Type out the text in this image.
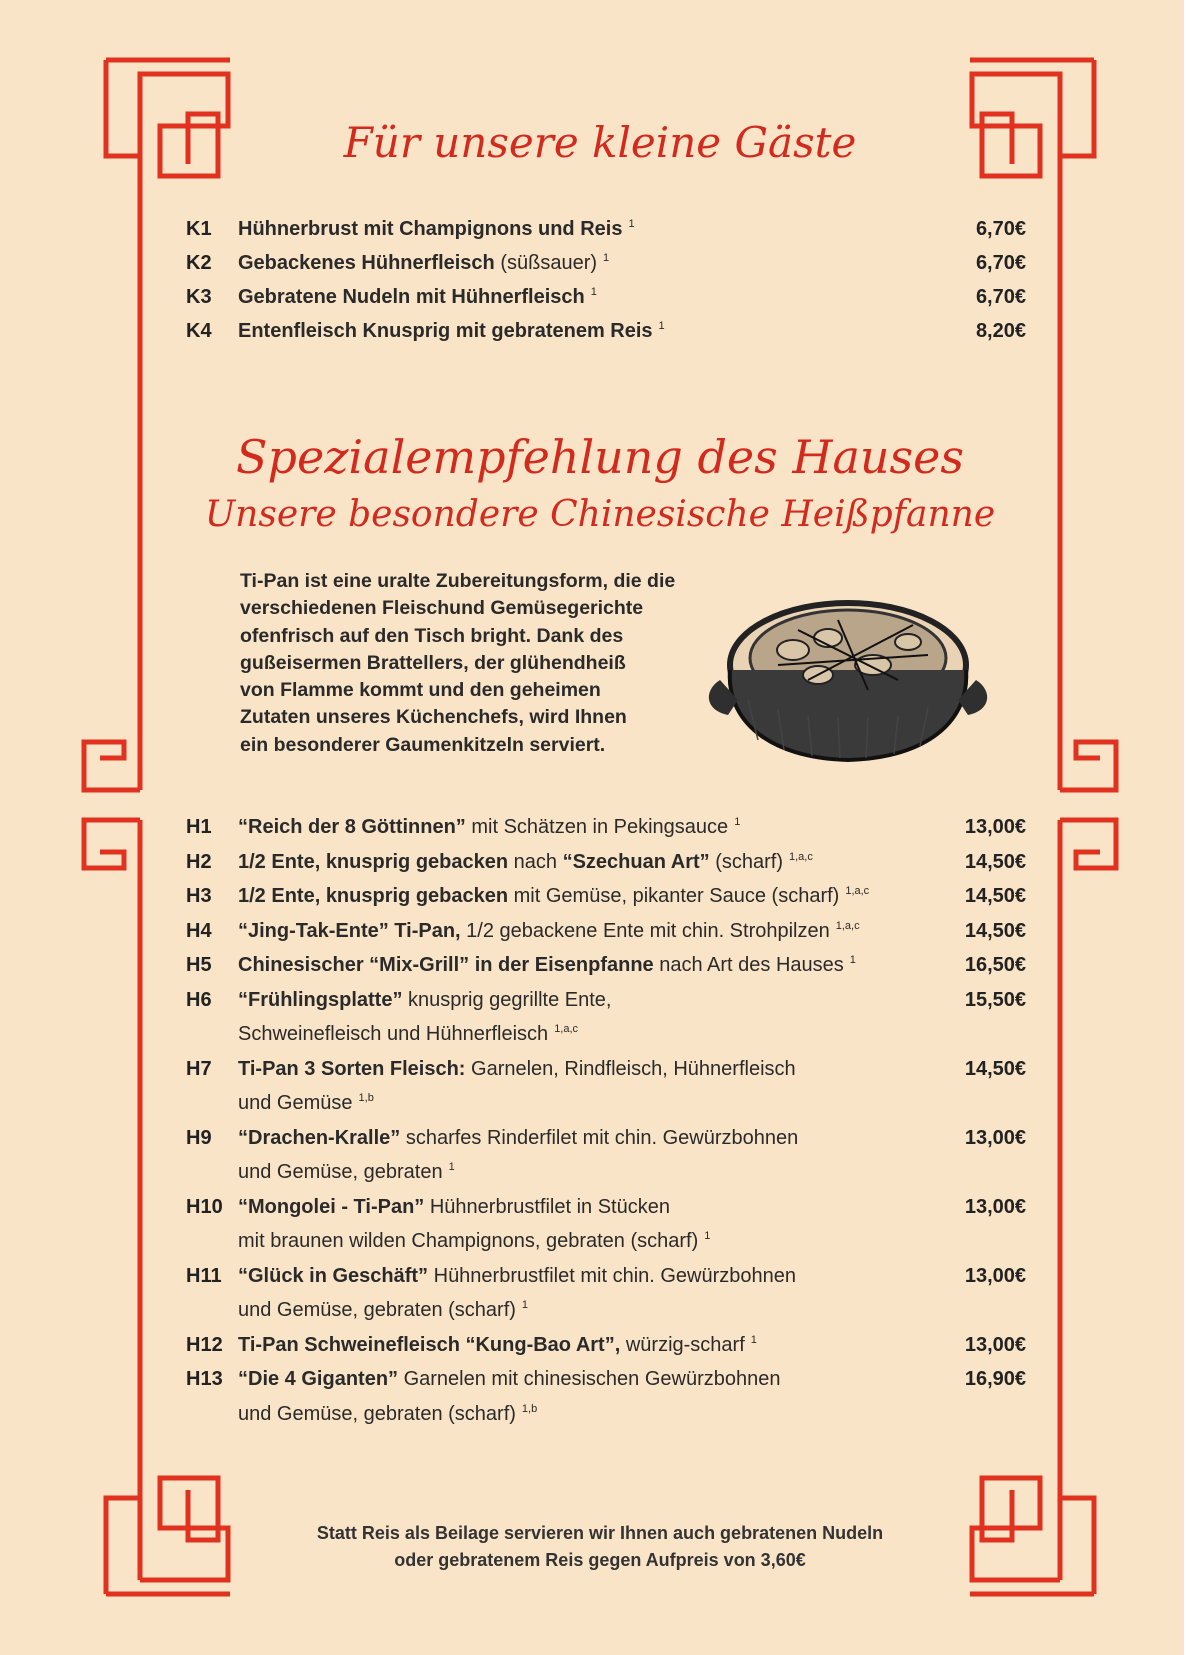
Für unsere kleine Gäste
K1 Hühnerbrust mit Champignons und Reis $^1$	6,70€
K2 Gebackenes Hühnerfleisch (süßsauer) $^1$	6,70€
K3 Gebratene Nudeln mit Hühnerfleisch $^1$	6,70€
K4 Entenfleisch Knusprig mit gebratenem Reis $^1$	8,20€
Spezialempfehlung des Hauses
Unsere besondere Chinesische Heißpfanne

Ti-Pan ist eine uralte Zubereitungsform, die die
verschiedenen Fleischund Gemüsegerichte
ofenfrisch auf den Tisch bright. Dank des
gußeisermen Brattellers, der glühendheiß
von Flamme kommt und den geheimen
Zutaten unseres Küchenchefs, wird Ihnen
ein besonderer Gaumenkitzeln serviert.

H1 “Reich der 8 Göttinnen” mit Schätzen in Pekingsauce $^1$	13,00€
H2 1/2 Ente, knusprig gebacken nach “Szechuan Art” (scharf) $^{1,a,c}$	14,50€
H3 1/2 Ente, knusprig gebacken mit Gemüse, pikanter Sauce (scharf) $^{1,a,c}$	14,50€
H4 “Jing-Tak-Ente” Ti-Pan, 1/2 gebackene Ente mit chin. Strohpilzen $^{1,a,c}$	14,50€
H5 Chinesischer “Mix-Grill” in der Eisenpfanne nach Art des Hauses $^1$	16,50€
H6 “Frühlingsplatte” knusprig gegrillte Ente,
Schweinefleisch und Hühnerfleisch $^{1,a,c}$
15,50€
H7 Ti-Pan 3 Sorten Fleisch: Garnelen, Rindfleisch, Hühnerfleisch
und Gemüse $^{1,b}$
14,50€
H9 “Drachen-Kralle” scharfes Rinderfilet mit chin. Gewürzbohnen
und Gemüse, gebraten $^1$
13,00€
H10 “Mongolei - Ti-Pan” Hühnerbrustfilet in Stücken
mit braunen wilden Champignons, gebraten (scharf) $^1$
13,00€
H11 “Glück in Geschäft” Hühnerbrustfilet mit chin. Gewürzbohnen
und Gemüse, gebraten (scharf) $^1$
13,00€
H12 Ti-Pan Schweinefleisch “Kung-Bao Art”, würzig-scharf $^1$	13,00€
H13 “Die 4 Giganten” Garnelen mit chinesischen Gewürzbohnen
und Gemüse, gebraten (scharf) $^{1,b}$
16,90€
Statt Reis als Beilage servieren wir Ihnen auch gebratenen Nudeln
oder gebratenem Reis gegen Aufpreis von 3,60€
